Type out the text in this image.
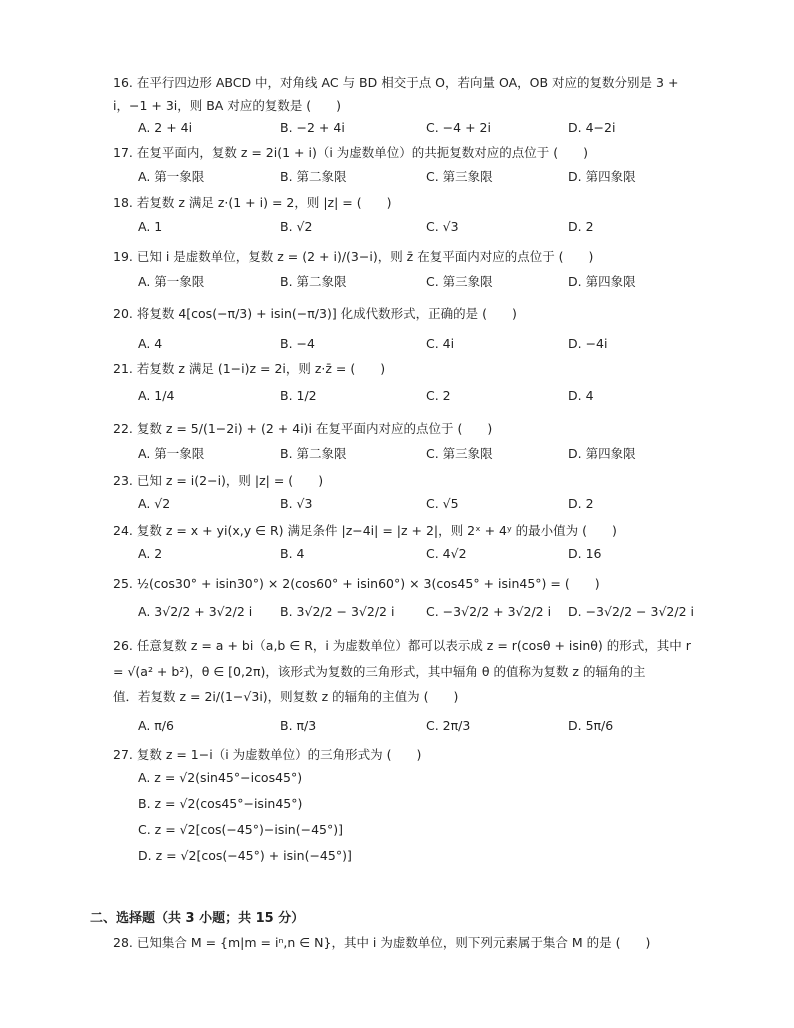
16. 在平行四边形 ABCD 中，对角线 AC 与 BD 相交于点 O，若向量 OA，OB 对应的复数分别是 3 +
i，−1 + 3i，则 BA 对应的复数是 (　　)
A. 2 + 4i	B. −2 + 4i	C. −4 + 2i	D. 4−2i
17. 在复平面内，复数 z = 2i(1 + i)（i 为虚数单位）的共扼复数对应的点位于 (　　)
A. 第一象限	B. 第二象限	C. 第三象限	D. 第四象限
18. 若复数 z 满足 z·(1 + i) = 2，则 |z| = (　　)
A. 1	B. √2	C. √3	D. 2
19. 已知 i 是虚数单位，复数 z = (2 + i)/(3−i)，则 z̄ 在复平面内对应的点位于 (　　)
A. 第一象限	B. 第二象限	C. 第三象限	D. 第四象限
20. 将复数 4[cos(−π/3) + isin(−π/3)] 化成代数形式，正确的是 (　　)
A. 4	B. −4	C. 4i	D. −4i
21. 若复数 z 满足 (1−i)z = 2i，则 z·z̄ = (　　)
A. 1/4	B. 1/2	C. 2	D. 4
22. 复数 z = 5/(1−2i) + (2 + 4i)i 在复平面内对应的点位于 (　　)
A. 第一象限	B. 第二象限	C. 第三象限	D. 第四象限
23. 已知 z = i(2−i)，则 |z| = (　　)
A. √2	B. √3	C. √5	D. 2
24. 复数 z = x + yi(x,y ∈ R) 满足条件 |z−4i| = |z + 2|，则 2ˣ + 4ʸ 的最小值为 (　　)
A. 2	B. 4	C. 4√2	D. 16
25. ½(cos30° + isin30°) × 2(cos60° + isin60°) × 3(cos45° + isin45°) = (　　)
A. 3√2/2 + 3√2/2 i B. 3√2/2 − 3√2/2 i	C. −3√2/2 + 3√2/2 i D. −3√2/2 − 3√2/2 i
26. 任意复数 z = a + bi（a,b ∈ R，i 为虚数单位）都可以表示成 z = r(cosθ + isinθ) 的形式，其中 r
= √(a² + b²)，θ ∈ [0,2π)，该形式为复数的三角形式，其中辐角 θ 的值称为复数 z 的辐角的主
值．若复数 z = 2i/(1−√3i)，则复数 z 的辐角的主值为 (　　)
A. π/6	B. π/3	C. 2π/3	D. 5π/6
27. 复数 z = 1−i（i 为虚数单位）的三角形式为 (　　)
A. z = √2(sin45°−icos45°)
B. z = √2(cos45°−isin45°)
C. z = √2[cos(−45°)−isin(−45°)]
D. z = √2[cos(−45°) + isin(−45°)]
二、选择题（共 3 小题；共 15 分）
28. 已知集合 M = {m|m = iⁿ,n ∈ N}，其中 i 为虚数单位，则下列元素属于集合 M 的是 (　　)
